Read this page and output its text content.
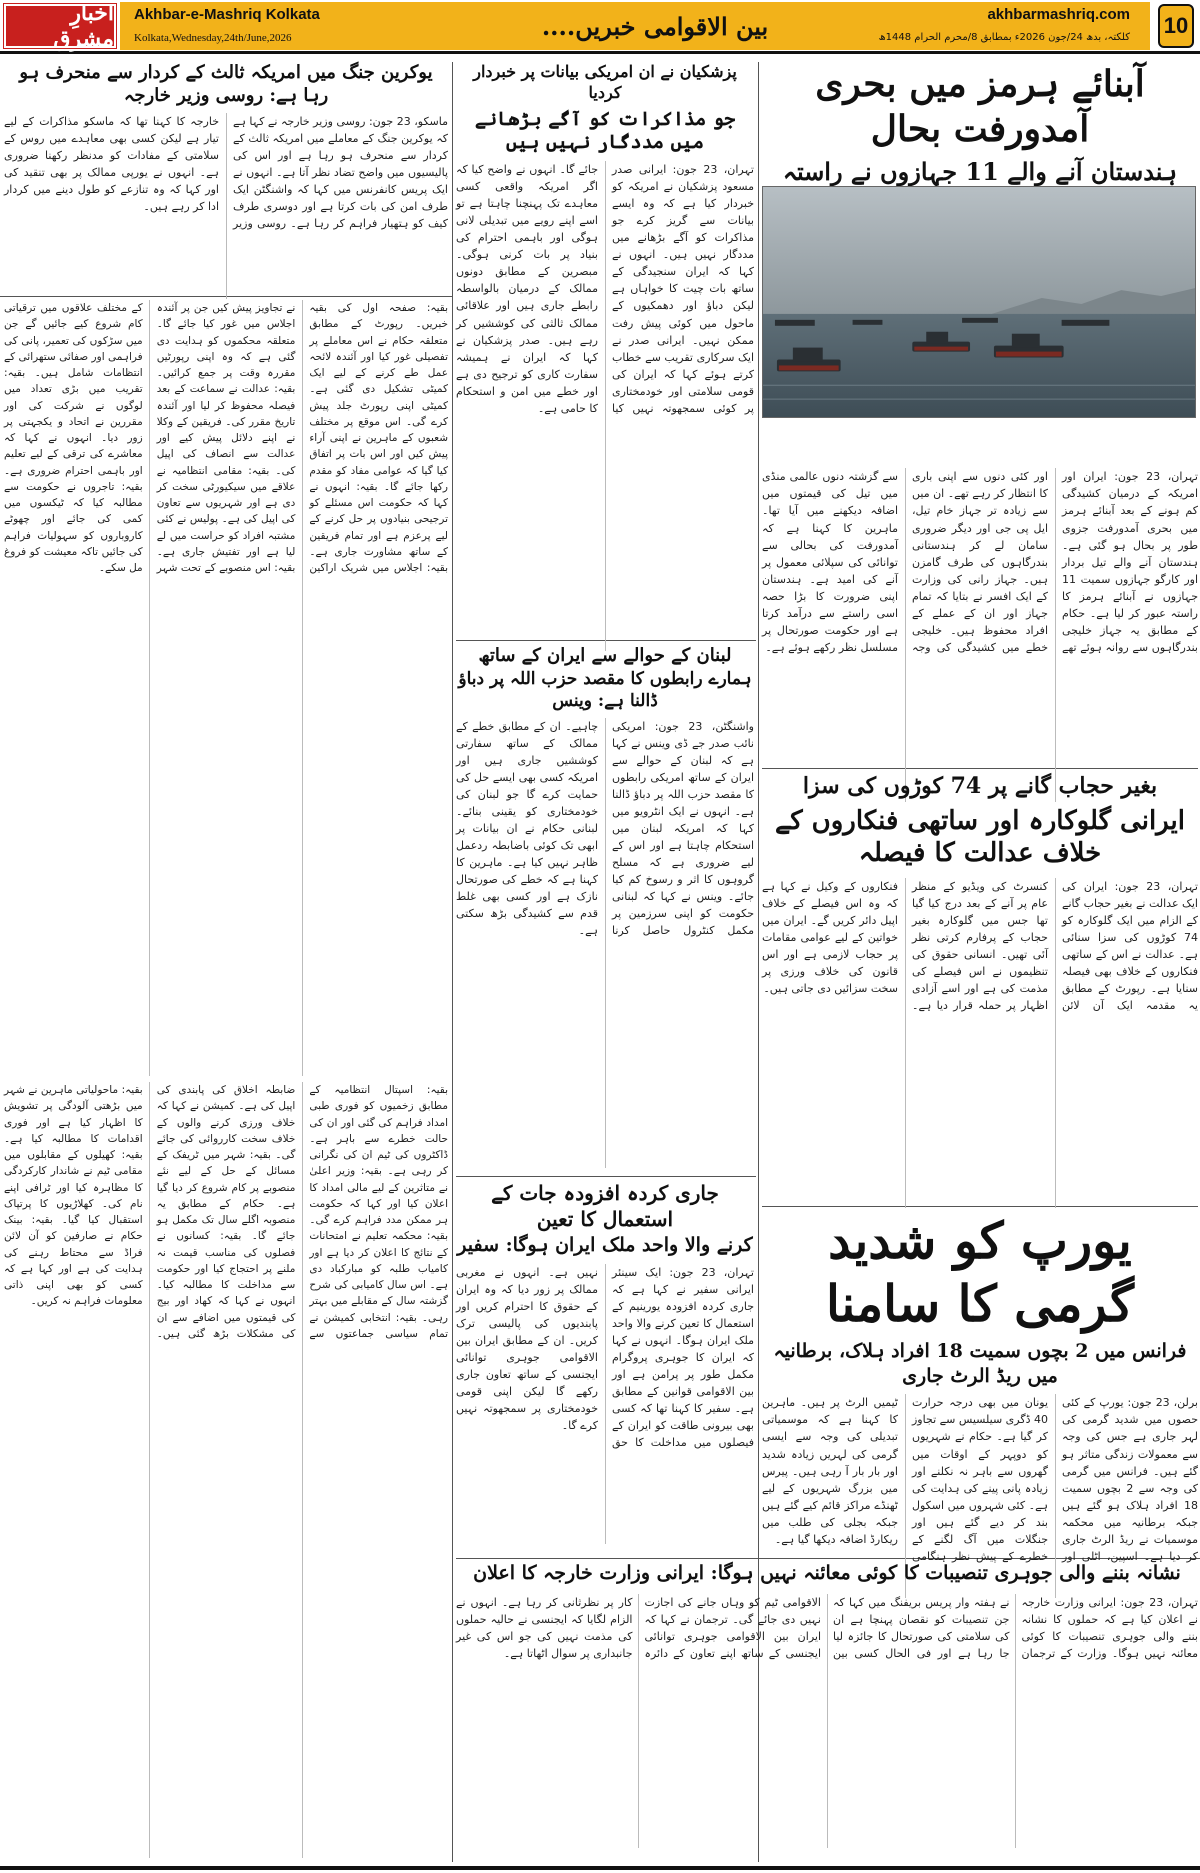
اخبارِ مشرق
Akhbar-e-Mashriq Kolkata
Kolkata,Wednesday,24th/June,2026	بین الاقوامی خبریں....	akhbarmashriq.com
کلکتہ، بدھ 24/جون 2026ء بمطابق 8/محرم الحرام 1448ھ 10
آبنائے ہرمز میں بحری آمدورفت بحال
ہندستان آنے والے 11 جہازوں نے راستہ
تہران، 23 جون: ایران اور امریکہ کے درمیان کشیدگی کم ہونے کے بعد آبنائے ہرمز میں بحری آمدورفت جزوی طور پر بحال ہو گئی ہے۔ ہندستان آنے والے تیل بردار اور کارگو جہازوں سمیت 11 جہازوں نے آبنائے ہرمز کا راستہ عبور کر لیا ہے۔ حکام کے مطابق یہ جہاز خلیجی بندرگاہوں سے روانہ ہوئے تھے اور کئی دنوں سے اپنی باری کا انتظار کر رہے تھے۔ ان میں سے زیادہ تر جہاز خام تیل، ایل پی جی اور دیگر ضروری سامان لے کر ہندستانی بندرگاہوں کی طرف گامزن ہیں۔ جہاز رانی کی وزارت کے ایک افسر نے بتایا کہ تمام جہاز اور ان کے عملے کے افراد محفوظ ہیں۔ خلیجی خطے میں کشیدگی کی وجہ سے گزشتہ دنوں عالمی منڈی میں تیل کی قیمتوں میں اضافہ دیکھنے میں آیا تھا۔ ماہرین کا کہنا ہے کہ آمدورفت کی بحالی سے توانائی کی سپلائی معمول پر آنے کی امید ہے۔ ہندستان اپنی ضرورت کا بڑا حصہ اسی راستے سے درآمد کرتا ہے اور حکومت صورتحال پر مسلسل نظر رکھے ہوئے ہے۔
بغیر حجاب گانے پر 74 کوڑوں کی سزا
ایرانی گلوکارہ اور ساتھی فنکاروں کے خلاف عدالت کا فیصلہ
تہران، 23 جون: ایران کی ایک عدالت نے بغیر حجاب گانے کے الزام میں ایک گلوکارہ کو 74 کوڑوں کی سزا سنائی ہے۔ عدالت نے اس کے ساتھی فنکاروں کے خلاف بھی فیصلہ سنایا ہے۔ رپورٹ کے مطابق یہ مقدمہ ایک آن لائن کنسرٹ کی ویڈیو کے منظر عام پر آنے کے بعد درج کیا گیا تھا جس میں گلوکارہ بغیر حجاب کے پرفارم کرتی نظر آئی تھیں۔ انسانی حقوق کی تنظیموں نے اس فیصلے کی مذمت کی ہے اور اسے آزادی اظہار پر حملہ قرار دیا ہے۔ فنکاروں کے وکیل نے کہا ہے کہ وہ اس فیصلے کے خلاف اپیل دائر کریں گے۔ ایران میں خواتین کے لیے عوامی مقامات پر حجاب لازمی ہے اور اس قانون کی خلاف ورزی پر سخت سزائیں دی جاتی ہیں۔
یورپ کو شدید گرمی کا سامنا
فرانس میں 2 بچوں سمیت 18 افراد ہلاک، برطانیہ میں ریڈ الرٹ جاری
برلن، 23 جون: یورپ کے کئی حصوں میں شدید گرمی کی لہر جاری ہے جس کی وجہ سے معمولات زندگی متاثر ہو گئے ہیں۔ فرانس میں گرمی کی وجہ سے 2 بچوں سمیت 18 افراد ہلاک ہو گئے ہیں جبکہ برطانیہ میں محکمہ موسمیات نے ریڈ الرٹ جاری کر دیا ہے۔ اسپین، اٹلی اور یونان میں بھی درجہ حرارت 40 ڈگری سیلسیس سے تجاوز کر گیا ہے۔ حکام نے شہریوں کو دوپہر کے اوقات میں گھروں سے باہر نہ نکلنے اور زیادہ پانی پینے کی ہدایت کی ہے۔ کئی شہروں میں اسکول بند کر دیے گئے ہیں اور جنگلات میں آگ لگنے کے خطرے کے پیش نظر ہنگامی ٹیمیں الرٹ پر ہیں۔ ماہرین کا کہنا ہے کہ موسمیاتی تبدیلی کی وجہ سے ایسی گرمی کی لہریں زیادہ شدید اور بار بار آ رہی ہیں۔ پیرس میں بزرگ شہریوں کے لیے ٹھنڈے مراکز قائم کیے گئے ہیں جبکہ بجلی کی طلب میں ریکارڈ اضافہ دیکھا گیا ہے۔
جاری کردہ افزودہ جات کے استعمال کا تعین
کرنے والا واحد ملک ایران ہوگا: سفیر
تہران، 23 جون: ایک سینئر ایرانی سفیر نے کہا ہے کہ جاری کردہ افزودہ یورینیم کے استعمال کا تعین کرنے والا واحد ملک ایران ہوگا۔ انہوں نے کہا کہ ایران کا جوہری پروگرام مکمل طور پر پرامن ہے اور بین الاقوامی قوانین کے مطابق ہے۔ سفیر کا کہنا تھا کہ کسی بھی بیرونی طاقت کو ایران کے فیصلوں میں مداخلت کا حق نہیں ہے۔ انہوں نے مغربی ممالک پر زور دیا کہ وہ ایران کے حقوق کا احترام کریں اور پابندیوں کی پالیسی ترک کریں۔ ان کے مطابق ایران بین الاقوامی جوہری توانائی ایجنسی کے ساتھ تعاون جاری رکھے گا لیکن اپنی قومی خودمختاری پر سمجھوتہ نہیں کرے گا۔
پزشکیان نے ان امریکی بیانات پر خبردار کردیا
جو مذاکرات کو آگے بڑھانے میں مددگار نہیں ہیں
تہران، 23 جون: ایرانی صدر مسعود پزشکیان نے امریکہ کو خبردار کیا ہے کہ وہ ایسے بیانات سے گریز کرے جو مذاکرات کو آگے بڑھانے میں مددگار نہیں ہیں۔ انہوں نے کہا کہ ایران سنجیدگی کے ساتھ بات چیت کا خواہاں ہے لیکن دباؤ اور دھمکیوں کے ماحول میں کوئی پیش رفت ممکن نہیں۔ ایرانی صدر نے ایک سرکاری تقریب سے خطاب کرتے ہوئے کہا کہ ایران کی قومی سلامتی اور خودمختاری پر کوئی سمجھوتہ نہیں کیا جائے گا۔ انہوں نے واضح کیا کہ اگر امریکہ واقعی کسی معاہدے تک پہنچنا چاہتا ہے تو اسے اپنے رویے میں تبدیلی لانی ہوگی اور باہمی احترام کی بنیاد پر بات کرنی ہوگی۔ مبصرین کے مطابق دونوں ممالک کے درمیان بالواسطہ رابطے جاری ہیں اور علاقائی ممالک ثالثی کی کوششیں کر رہے ہیں۔ صدر پزشکیان نے کہا کہ ایران نے ہمیشہ سفارت کاری کو ترجیح دی ہے اور خطے میں امن و استحکام کا حامی ہے۔
لبنان کے حوالے سے ایران کے ساتھ
ہمارے رابطوں کا مقصد حزب اللہ پر دباؤ ڈالنا ہے: وینس
واشنگٹن، 23 جون: امریکی نائب صدر جے ڈی وینس نے کہا ہے کہ لبنان کے حوالے سے ایران کے ساتھ امریکی رابطوں کا مقصد حزب اللہ پر دباؤ ڈالنا ہے۔ انہوں نے ایک انٹرویو میں کہا کہ امریکہ لبنان میں استحکام چاہتا ہے اور اس کے لیے ضروری ہے کہ مسلح گروہوں کا اثر و رسوخ کم کیا جائے۔ وینس نے کہا کہ لبنانی حکومت کو اپنی سرزمین پر مکمل کنٹرول حاصل کرنا چاہیے۔ ان کے مطابق خطے کے ممالک کے ساتھ سفارتی کوششیں جاری ہیں اور امریکہ کسی بھی ایسے حل کی حمایت کرے گا جو لبنان کی خودمختاری کو یقینی بنائے۔ لبنانی حکام نے ان بیانات پر ابھی تک کوئی باضابطہ ردعمل ظاہر نہیں کیا ہے۔ ماہرین کا کہنا ہے کہ خطے کی صورتحال نازک ہے اور کسی بھی غلط قدم سے کشیدگی بڑھ سکتی ہے۔
نشانہ بننے والی جوہری تنصیبات کا کوئی معائنہ نہیں ہوگا: ایرانی وزارت خارجہ کا اعلان
تہران، 23 جون: ایرانی وزارت خارجہ نے اعلان کیا ہے کہ حملوں کا نشانہ بننے والی جوہری تنصیبات کا کوئی معائنہ نہیں ہوگا۔ وزارت کے ترجمان نے ہفتہ وار پریس بریفنگ میں کہا کہ جن تنصیبات کو نقصان پہنچا ہے ان کی سلامتی کی صورتحال کا جائزہ لیا جا رہا ہے اور فی الحال کسی بین الاقوامی ٹیم کو وہاں جانے کی اجازت نہیں دی جائے گی۔ ترجمان نے کہا کہ ایران بین الاقوامی جوہری توانائی ایجنسی کے ساتھ اپنے تعاون کے دائرہ کار پر نظرثانی کر رہا ہے۔ انہوں نے الزام لگایا کہ ایجنسی نے حالیہ حملوں کی مذمت نہیں کی جو اس کی غیر جانبداری پر سوال اٹھاتا ہے۔
یوکرین جنگ میں امریکہ ثالث کے کردار سے منحرف ہو رہا ہے: روسی وزیر خارجہ
ماسکو، 23 جون: روسی وزیر خارجہ نے کہا ہے کہ یوکرین جنگ کے معاملے میں امریکہ ثالث کے کردار سے منحرف ہو رہا ہے اور اس کی پالیسیوں میں واضح تضاد نظر آتا ہے۔ انہوں نے ایک پریس کانفرنس میں کہا کہ واشنگٹن ایک طرف امن کی بات کرتا ہے اور دوسری طرف کیف کو ہتھیار فراہم کر رہا ہے۔ روسی وزیر خارجہ کا کہنا تھا کہ ماسکو مذاکرات کے لیے تیار ہے لیکن کسی بھی معاہدے میں روس کے سلامتی کے مفادات کو مدنظر رکھنا ضروری ہے۔ انہوں نے یورپی ممالک پر بھی تنقید کی اور کہا کہ وہ تنازعے کو طول دینے میں کردار ادا کر رہے ہیں۔
بقیہ: صفحہ اول کی بقیہ خبریں۔ رپورٹ کے مطابق متعلقہ حکام نے اس معاملے پر تفصیلی غور کیا اور آئندہ لائحہ عمل طے کرنے کے لیے ایک کمیٹی تشکیل دی گئی ہے۔ کمیٹی اپنی رپورٹ جلد پیش کرے گی۔ اس موقع پر مختلف شعبوں کے ماہرین نے اپنی آراء پیش کیں اور اس بات پر اتفاق کیا گیا کہ عوامی مفاد کو مقدم رکھا جائے گا۔ بقیہ: انہوں نے کہا کہ حکومت اس مسئلے کو ترجیحی بنیادوں پر حل کرنے کے لیے پرعزم ہے اور تمام فریقین کے ساتھ مشاورت جاری ہے۔ بقیہ: اجلاس میں شریک اراکین نے تجاویز پیش کیں جن پر آئندہ اجلاس میں غور کیا جائے گا۔ متعلقہ محکموں کو ہدایت دی گئی ہے کہ وہ اپنی رپورٹیں مقررہ وقت پر جمع کرائیں۔ بقیہ: عدالت نے سماعت کے بعد فیصلہ محفوظ کر لیا اور آئندہ تاریخ مقرر کی۔ فریقین کے وکلا نے اپنے دلائل پیش کیے اور عدالت سے انصاف کی اپیل کی۔ بقیہ: مقامی انتظامیہ نے علاقے میں سیکیورٹی سخت کر دی ہے اور شہریوں سے تعاون کی اپیل کی ہے۔ پولیس نے کئی مشتبہ افراد کو حراست میں لے لیا ہے اور تفتیش جاری ہے۔ بقیہ: اس منصوبے کے تحت شہر کے مختلف علاقوں میں ترقیاتی کام شروع کیے جائیں گے جن میں سڑکوں کی تعمیر، پانی کی فراہمی اور صفائی ستھرائی کے انتظامات شامل ہیں۔ بقیہ: تقریب میں بڑی تعداد میں لوگوں نے شرکت کی اور مقررین نے اتحاد و یکجہتی پر زور دیا۔ انہوں نے کہا کہ معاشرے کی ترقی کے لیے تعلیم اور باہمی احترام ضروری ہے۔ بقیہ: تاجروں نے حکومت سے مطالبہ کیا کہ ٹیکسوں میں کمی کی جائے اور چھوٹے کاروباروں کو سہولیات فراہم کی جائیں تاکہ معیشت کو فروغ مل سکے۔
بقیہ: اسپتال انتظامیہ کے مطابق زخمیوں کو فوری طبی امداد فراہم کی گئی اور ان کی حالت خطرے سے باہر ہے۔ ڈاکٹروں کی ٹیم ان کی نگرانی کر رہی ہے۔ بقیہ: وزیر اعلیٰ نے متاثرین کے لیے مالی امداد کا اعلان کیا اور کہا کہ حکومت ہر ممکن مدد فراہم کرے گی۔ بقیہ: محکمہ تعلیم نے امتحانات کے نتائج کا اعلان کر دیا ہے اور کامیاب طلبہ کو مبارکباد دی ہے۔ اس سال کامیابی کی شرح گزشتہ سال کے مقابلے میں بہتر رہی۔ بقیہ: انتخابی کمیشن نے تمام سیاسی جماعتوں سے ضابطہ اخلاق کی پابندی کی اپیل کی ہے۔ کمیشن نے کہا کہ خلاف ورزی کرنے والوں کے خلاف سخت کارروائی کی جائے گی۔ بقیہ: شہر میں ٹریفک کے مسائل کے حل کے لیے نئے منصوبے پر کام شروع کر دیا گیا ہے۔ حکام کے مطابق یہ منصوبہ اگلے سال تک مکمل ہو جائے گا۔ بقیہ: کسانوں نے فصلوں کی مناسب قیمت نہ ملنے پر احتجاج کیا اور حکومت سے مداخلت کا مطالبہ کیا۔ انہوں نے کہا کہ کھاد اور بیج کی قیمتوں میں اضافے سے ان کی مشکلات بڑھ گئی ہیں۔ بقیہ: ماحولیاتی ماہرین نے شہر میں بڑھتی آلودگی پر تشویش کا اظہار کیا ہے اور فوری اقدامات کا مطالبہ کیا ہے۔ بقیہ: کھیلوں کے مقابلوں میں مقامی ٹیم نے شاندار کارکردگی کا مظاہرہ کیا اور ٹرافی اپنے نام کی۔ کھلاڑیوں کا پرتپاک استقبال کیا گیا۔ بقیہ: بینک حکام نے صارفین کو آن لائن فراڈ سے محتاط رہنے کی ہدایت کی ہے اور کہا ہے کہ کسی کو بھی اپنی ذاتی معلومات فراہم نہ کریں۔
